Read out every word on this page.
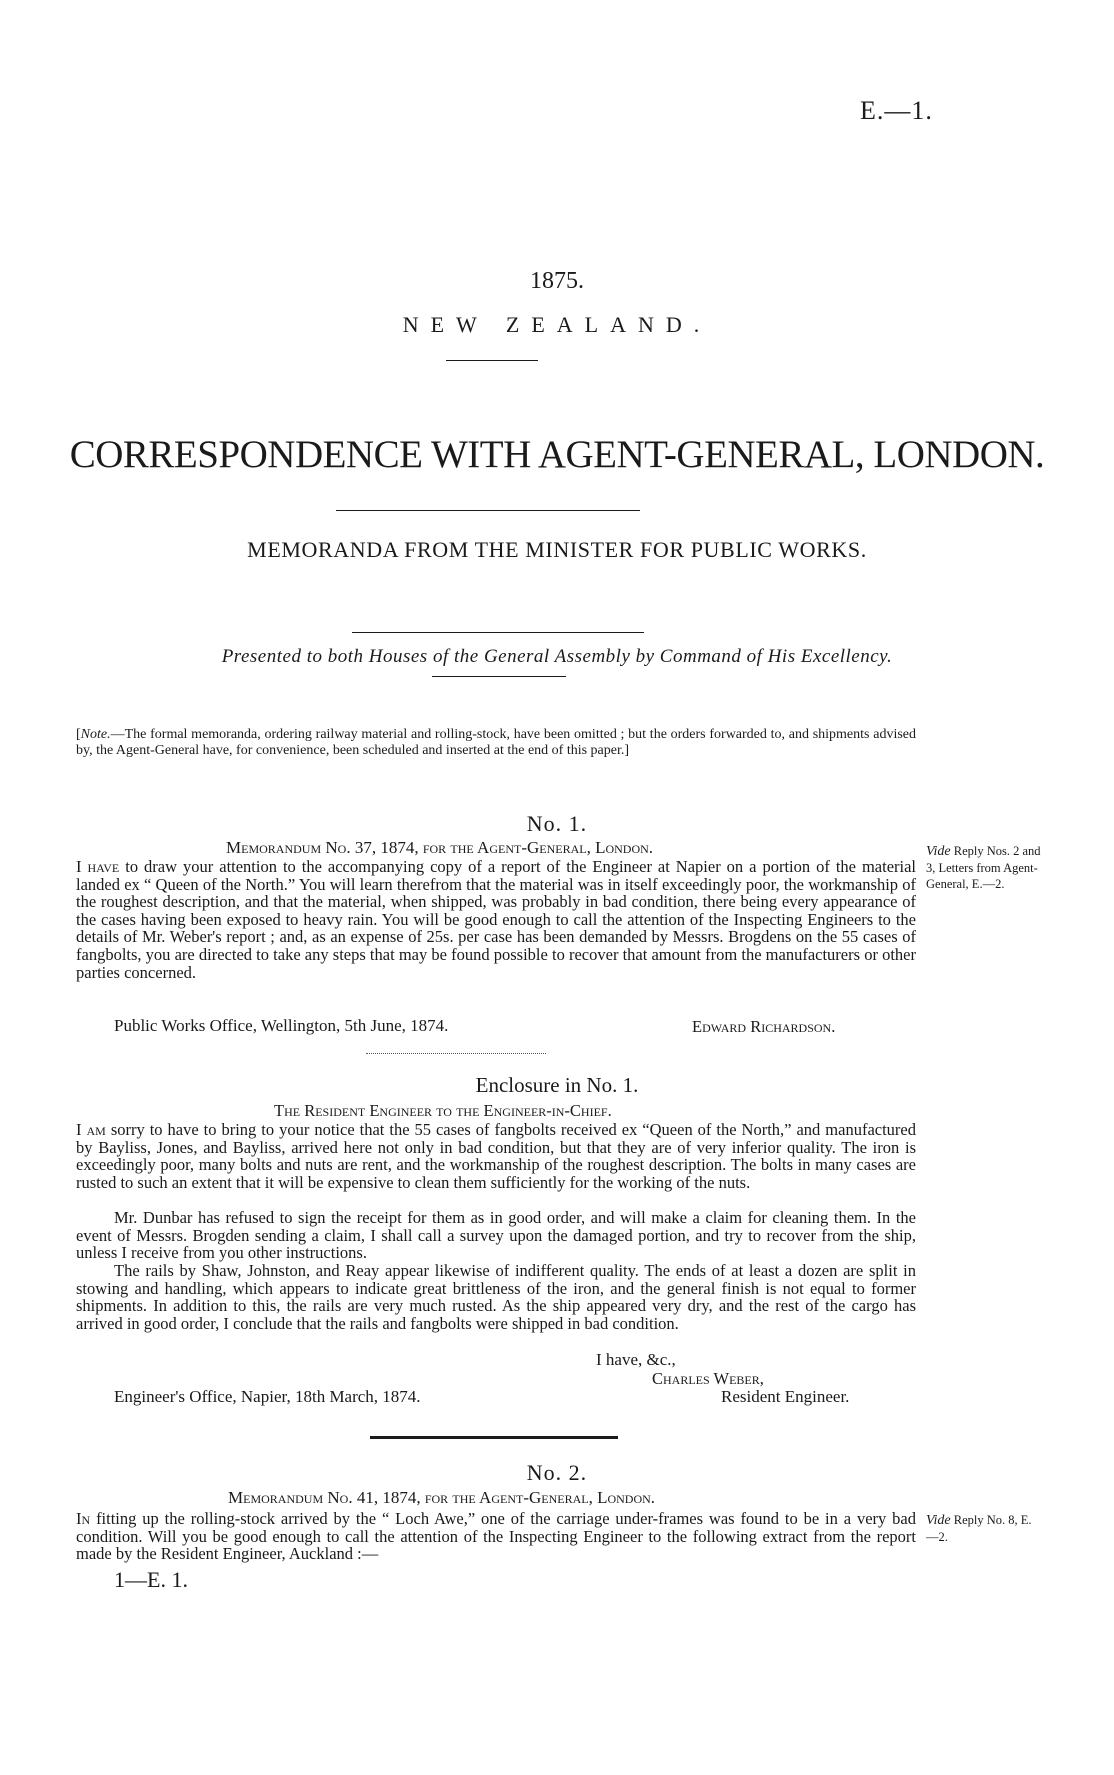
E.—1.
1875.
NEW ZEALAND.
CORRESPONDENCE WITH AGENT-GENERAL, LONDON.
MEMORANDA FROM THE MINISTER FOR PUBLIC WORKS.
Presented to both Houses of the General Assembly by Command of His Excellency.

[Note.—The formal memoranda, ordering railway material and rolling-stock, have been omitted ; but the orders forwarded to, and shipments advised by, the Agent-General have, for convenience, been scheduled and inserted at the end of this paper.]

No. 1.
Memorandum No. 37, 1874, for the Agent-General, London.	Vide Reply Nos. 2 and 3, Letters from Agent-General, E.—2.

I have to draw your attention to the accompanying copy of a report of the Engineer at Napier on a portion of the material landed ex “ Queen of the North.” You will learn therefrom that the material was in itself exceedingly poor, the workmanship of the roughest description, and that the material, when shipped, was probably in bad condition, there being every appearance of the cases having been exposed to heavy rain. You will be good enough to call the attention of the Inspecting Engineers to the details of Mr. Weber's report ; and, as an expense of 25s. per case has been demanded by Messrs. Brogdens on the 55 cases of fangbolts, you are directed to take any steps that may be found possible to recover that amount from the manufacturers or other parties concerned.

Public Works Office, Wellington, 5th June, 1874.	Edward Richardson.
Enclosure in No. 1.
The Resident Engineer to the Engineer-in-Chief.

I am sorry to have to bring to your notice that the 55 cases of fangbolts received ex “Queen of the North,” and manufactured by Bayliss, Jones, and Bayliss, arrived here not only in bad condition, but that they are of very inferior quality. The iron is exceedingly poor, many bolts and nuts are rent, and the workmanship of the roughest description. The bolts in many cases are rusted to such an extent that it will be expensive to clean them sufficiently for the working of the nuts.

Mr. Dunbar has refused to sign the receipt for them as in good order, and will make a claim for cleaning them. In the event of Messrs. Brogden sending a claim, I shall call a survey upon the damaged portion, and try to recover from the ship, unless I receive from you other instructions.

The rails by Shaw, Johnston, and Reay appear likewise of indifferent quality. The ends of at least a dozen are split in stowing and handling, which appears to indicate great brittleness of the iron, and the general finish is not equal to former shipments. In addition to this, the rails are very much rusted. As the ship appeared very dry, and the rest of the cargo has arrived in good order, I conclude that the rails and fangbolts were shipped in bad condition.

I have, &c.,
Charles Weber,
Engineer's Office, Napier, 18th March, 1874.	Resident Engineer.
No. 2.
Memorandum No. 41, 1874, for the Agent-General, London.
Vide Reply No. 8, E.—2.

In fitting up the rolling-stock arrived by the “ Loch Awe,” one of the carriage under-frames was found to be in a very bad condition. Will you be good enough to call the attention of the Inspecting Engineer to the following extract from the report made by the Resident Engineer, Auckland :—

1—E. 1.
